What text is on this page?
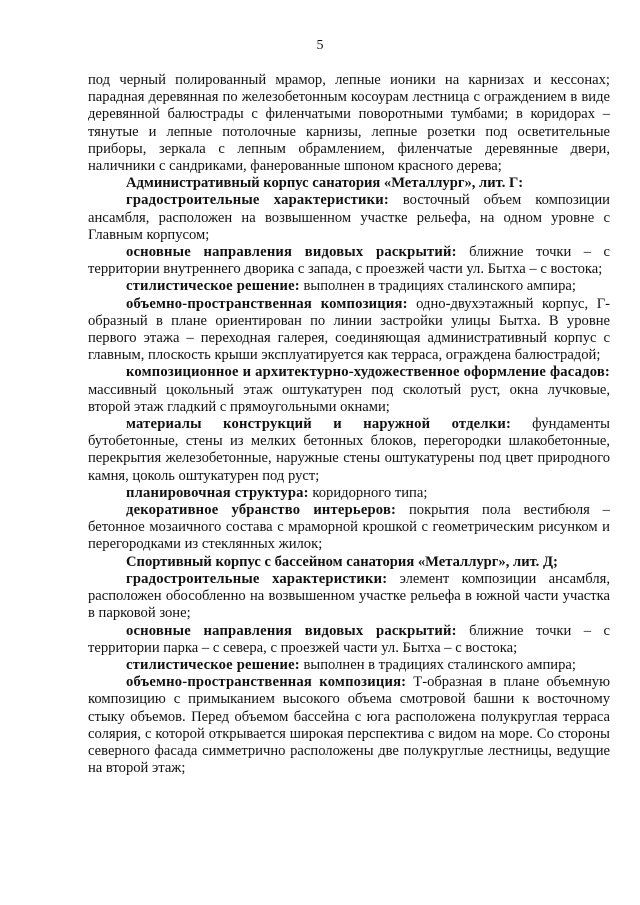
5

под черный полированный мрамор, лепные ионики на карнизах и кессонах; парадная деревянная по железобетонным косоурам лестница с ограждением в виде деревянной балюстрады с филенчатыми поворотными тумбами; в коридорах – тянутые и лепные потолочные карнизы, лепные розетки под осветительные приборы, зеркала с лепным обрамлением, филенчатые деревянные двери, наличники с сандриками, фанерованные шпоном красного дерева;

Административный корпус санатория «Металлург», лит. Г:

градостроительные характеристики: восточный объем композиции ансамбля, расположен на возвышенном участке рельефа, на одном уровне с Главным корпусом;

основные направления видовых раскрытий: ближние точки – с территории внутреннего дворика с запада, с проезжей части ул. Бытха – с востока;

стилистическое решение: выполнен в традициях сталинского ампира;

объемно-пространственная композиция: одно-двухэтажный корпус, Г-образный в плане ориентирован по линии застройки улицы Бытха. В уровне первого этажа – переходная галерея, соединяющая административный корпус с главным, плоскость крыши эксплуатируется как терраса, ограждена балюстрадой;

композиционное и архитектурно-художественное оформление фасадов: массивный цокольный этаж оштукатурен под сколотый руст, окна лучковые, второй этаж гладкий с прямоугольными окнами;

материалы конструкций и наружной отделки: фундаменты бутобетонные, стены из мелких бетонных блоков, перегородки шлакобетонные, перекрытия железобетонные, наружные стены оштукатурены под цвет природного камня, цоколь оштукатурен под руст;

планировочная структура: коридорного типа;

декоративное убранство интерьеров: покрытия пола вестибюля – бетонное мозаичного состава с мраморной крошкой с геометрическим рисунком и перегородками из стеклянных жилок;

Спортивный корпус с бассейном санатория «Металлург», лит. Д;

градостроительные характеристики: элемент композиции ансамбля, расположен обособленно на возвышенном участке рельефа в южной части участка в парковой зоне;

основные направления видовых раскрытий: ближние точки – с территории парка – с севера, с проезжей части ул. Бытха – с востока;

стилистическое решение: выполнен в традициях сталинского ампира;

объемно-пространственная композиция: Т-образная в плане объемную композицию с примыканием высокого объема смотровой башни к восточному стыку объемов. Перед объемом бассейна с юга расположена полукруглая терраса солярия, с которой открывается широкая перспектива с видом на море. Со стороны северного фасада симметрично расположены две полукруглые лестницы, ведущие на второй этаж;
